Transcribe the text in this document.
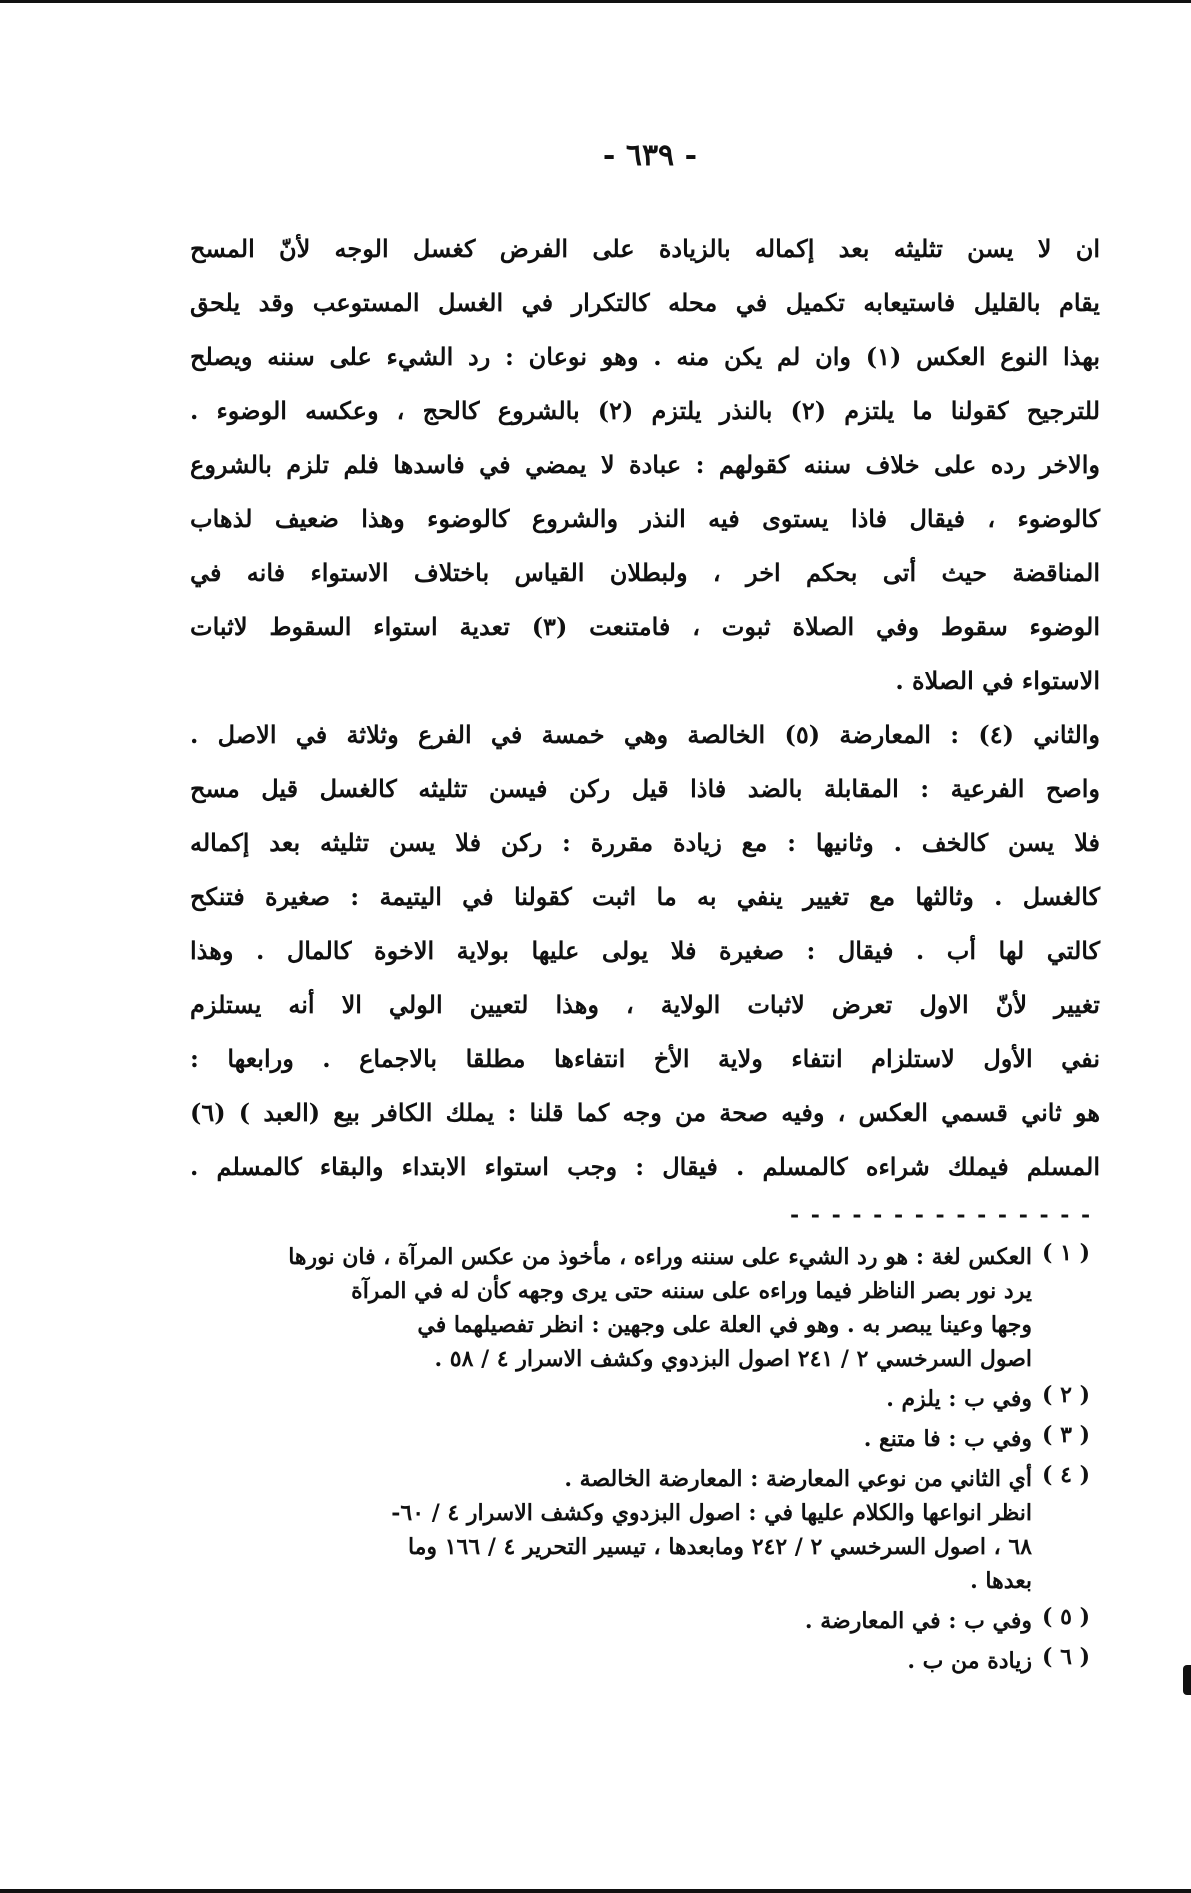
- ٦٣٩ -
ان لا يسن تثليثه بعد إكماله بالزيادة على الفرض كغسل الوجه لأنّ المسح
يقام بالقليل فاستيعابه تكميل في محله كالتكرار في الغسل المستوعب وقد يلحق
بهذا النوع العكس (١) وان لم يكن منه . وهو نوعان : رد الشيء على سننه ويصلح
للترجيح كقولنا ما يلتزم (٢) بالنذر يلتزم (٢) بالشروع كالحج ، وعكسه الوضوء .
والاخر رده على خلاف سننه كقولهم : عبادة لا يمضي في فاسدها فلم تلزم بالشروع
كالوضوء ، فيقال فاذا يستوى فيه النذر والشروع كالوضوء وهذا ضعيف لذهاب
المناقضة حيث أتى بحكم اخر ، ولبطلان القياس باختلاف الاستواء فانه في
الوضوء سقوط وفي الصلاة ثبوت ، فامتنعت (٣) تعدية استواء السقوط لاثبات
الاستواء في الصلاة .
والثاني (٤) : المعارضة (٥) الخالصة وهي خمسة في الفرع وثلاثة في الاصل .
واصح الفرعية : المقابلة بالضد فاذا قيل ركن فيسن تثليثه كالغسل قيل مسح
فلا يسن كالخف . وثانيها : مع زيادة مقررة : ركن فلا يسن تثليثه بعد إكماله
كالغسل . وثالثها مع تغيير ينفي به ما اثبت كقولنا في اليتيمة : صغيرة فتنكح
كالتي لها أب . فيقال : صغيرة فلا يولى عليها بولاية الاخوة كالمال . وهذا
تغيير لأنّ الاول تعرض لاثبات الولاية ، وهذا لتعيين الولي الا أنه يستلزم
نفي الأول لاستلزام انتفاء ولاية الأخ انتفاءها مطلقا بالاجماع . ورابعها :
هو ثاني قسمي العكس ، وفيه صحة من وجه كما قلنا : يملك الكافر بيع (العبد ) (٦)
المسلم فيملك شراءه كالمسلم . فيقال : وجب استواء الابتداء والبقاء كالمسلم .
- - - - - - - - - - - - - - -
( ١ )
العكس لغة : هو رد الشيء على سننه وراءه ، مأخوذ من عكس المرآة ، فان نورها
يرد نور بصر الناظر فيما وراءه على سننه حتى يرى وجهه كأن له في المرآة
وجها وعينا يبصر به . وهو في العلة على وجهين : انظر تفصيلهما في
اصول السرخسي ٢ / ٢٤١ اصول البزدوي وكشف الاسرار ٤ / ٥٨ .
( ٢ )
وفي ب : يلزم .
( ٣ )
وفي ب : فا متنع .
( ٤ )
أي الثاني من نوعي المعارضة : المعارضة الخالصة .
انظر انواعها والكلام عليها في : اصول البزدوي وكشف الاسرار ٤ / ٦٠-
٦٨ ، اصول السرخسي ٢ / ٢٤٢ ومابعدها ، تيسير التحرير ٤ / ١٦٦ وما
بعدها .
( ٥ )
وفي ب : في المعارضة .
( ٦ )
زيادة من ب .
